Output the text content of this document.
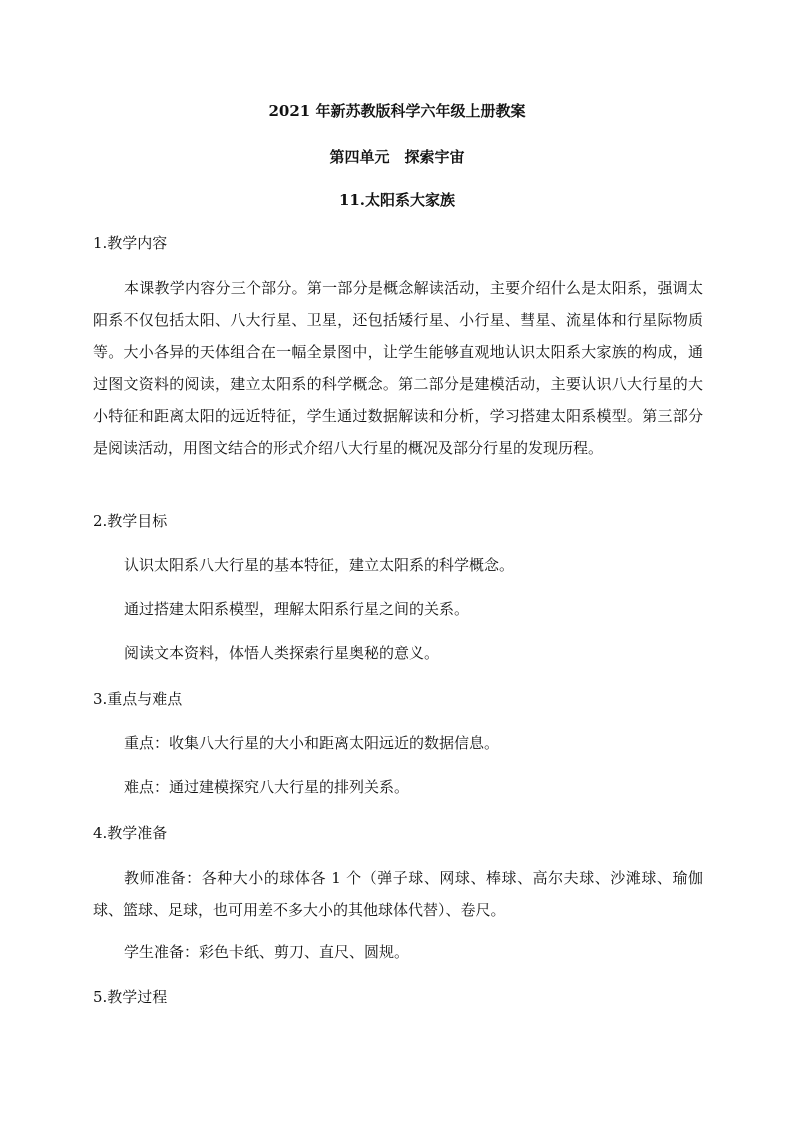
2021 年新苏教版科学六年级上册教案
第四单元　探索宇宙
11.太阳系大家族
1.教学内容
本课教学内容分三个部分。第一部分是概念解读活动，主要介绍什么是太阳系，强调太阳系不仅包括太阳、八大行星、卫星，还包括矮行星、小行星、彗星、流星体和行星际物质等。大小各异的天体组合在一幅全景图中，让学生能够直观地认识太阳系大家族的构成，通过图文资料的阅读，建立太阳系的科学概念。第二部分是建模活动，主要认识八大行星的大小特征和距离太阳的远近特征，学生通过数据解读和分析，学习搭建太阳系模型。第三部分是阅读活动，用图文结合的形式介绍八大行星的概况及部分行星的发现历程。
2.教学目标
认识太阳系八大行星的基本特征，建立太阳系的科学概念。
通过搭建太阳系模型，理解太阳系行星之间的关系。
阅读文本资料，体悟人类探索行星奥秘的意义。
3.重点与难点
重点：收集八大行星的大小和距离太阳远近的数据信息。
难点：通过建模探究八大行星的排列关系。
4.教学准备
教师准备：各种大小的球体各 1 个（弹子球、网球、棒球、高尔夫球、沙滩球、瑜伽球、篮球、足球，也可用差不多大小的其他球体代替）、卷尺。
学生准备：彩色卡纸、剪刀、直尺、圆规。
5.教学过程
